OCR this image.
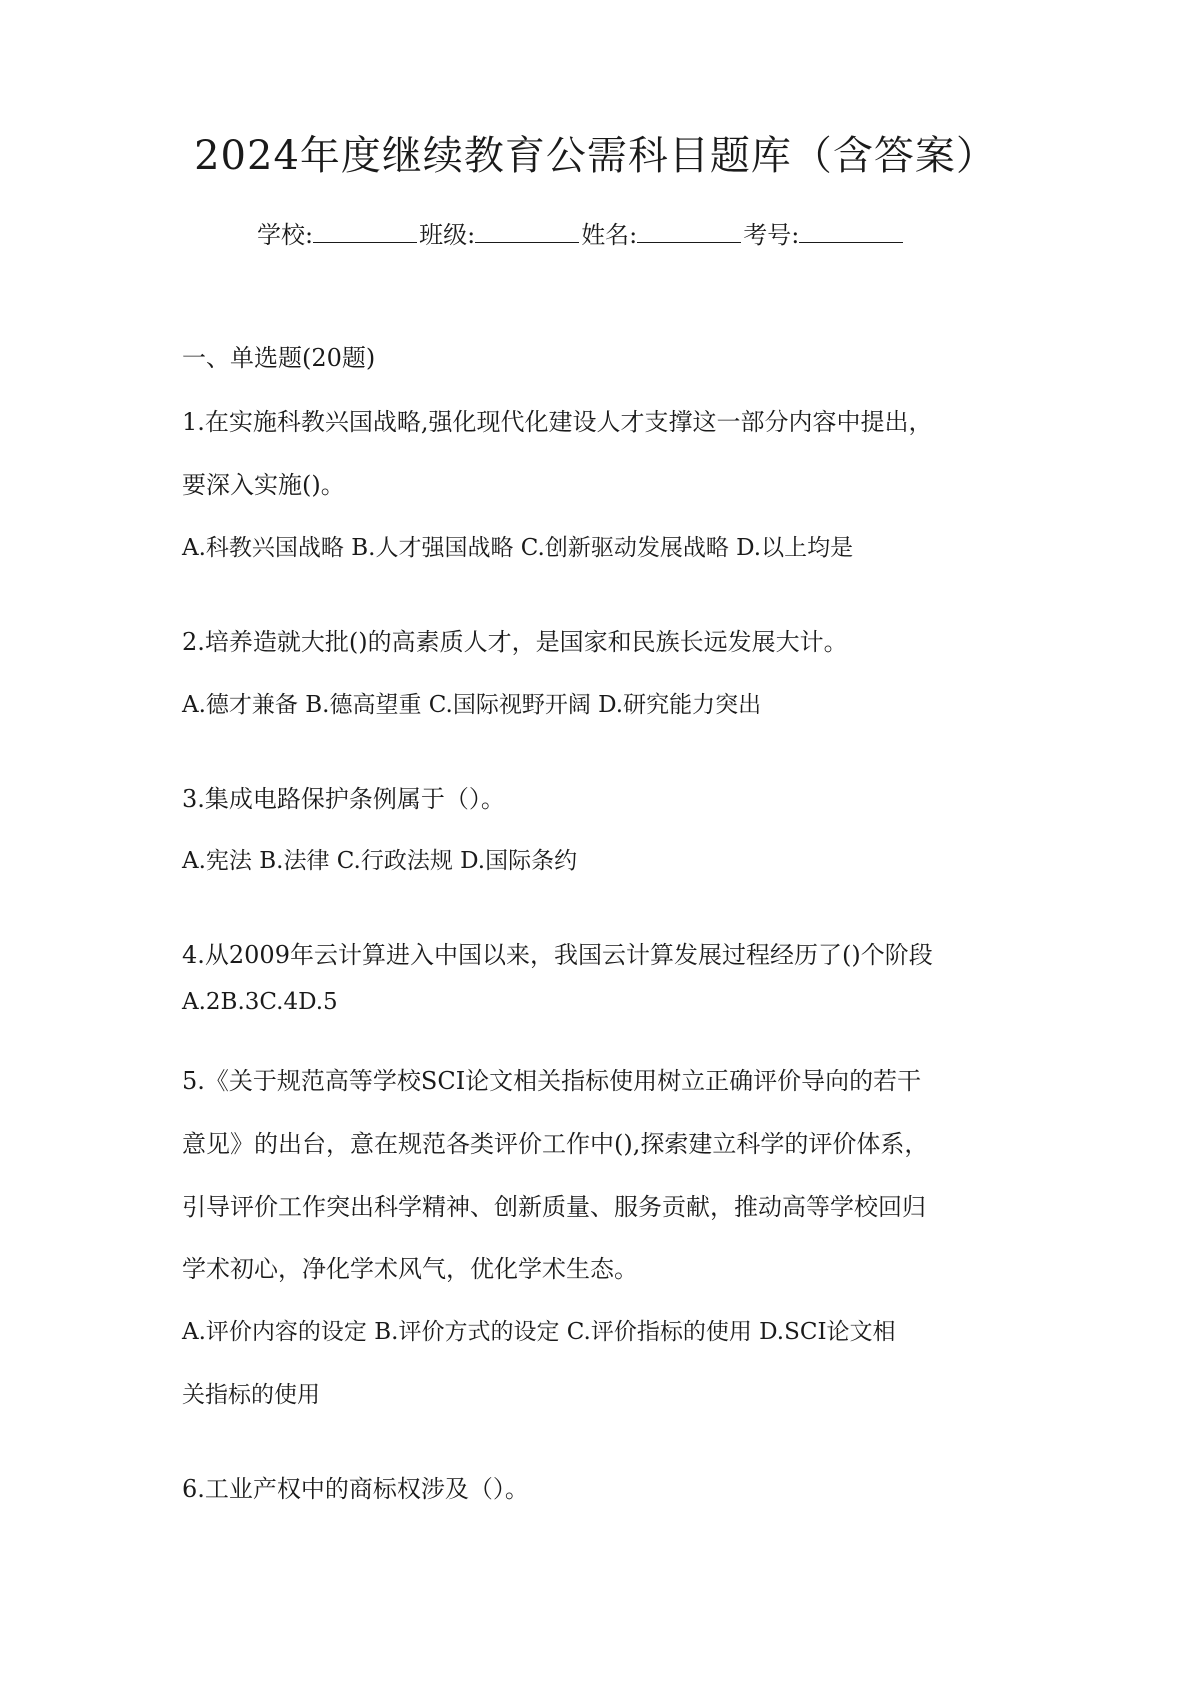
2024年度继续教育公需科目题库（含答案）
学校:	班级:	姓名:	考号:
一、单选题(20题)
1.在实施科教兴国战略,强化现代化建设人才支撑这一部分内容中提出，
要深入实施()。
A.科教兴国战略 B.人才强国战略 C.创新驱动发展战略 D.以上均是
2.培养造就大批()的高素质人才，是国家和民族长远发展大计。
A.德才兼备 B.德高望重 C.国际视野开阔 D.研究能力突出
3.集成电路保护条例属于（）。
A.宪法 B.法律 C.行政法规 D.国际条约
4.从2009年云计算进入中国以来，我国云计算发展过程经历了()个阶段
A.2B.3C.4D.5
5.《关于规范高等学校SCI论文相关指标使用树立正确评价导向的若干
意见》的出台，意在规范各类评价工作中(),探索建立科学的评价体系，
引导评价工作突出科学精神、创新质量、服务贡献，推动高等学校回归
学术初心，净化学术风气，优化学术生态。
A.评价内容的设定 B.评价方式的设定 C.评价指标的使用 D.SCI论文相
关指标的使用
6.工业产权中的商标权涉及（）。
